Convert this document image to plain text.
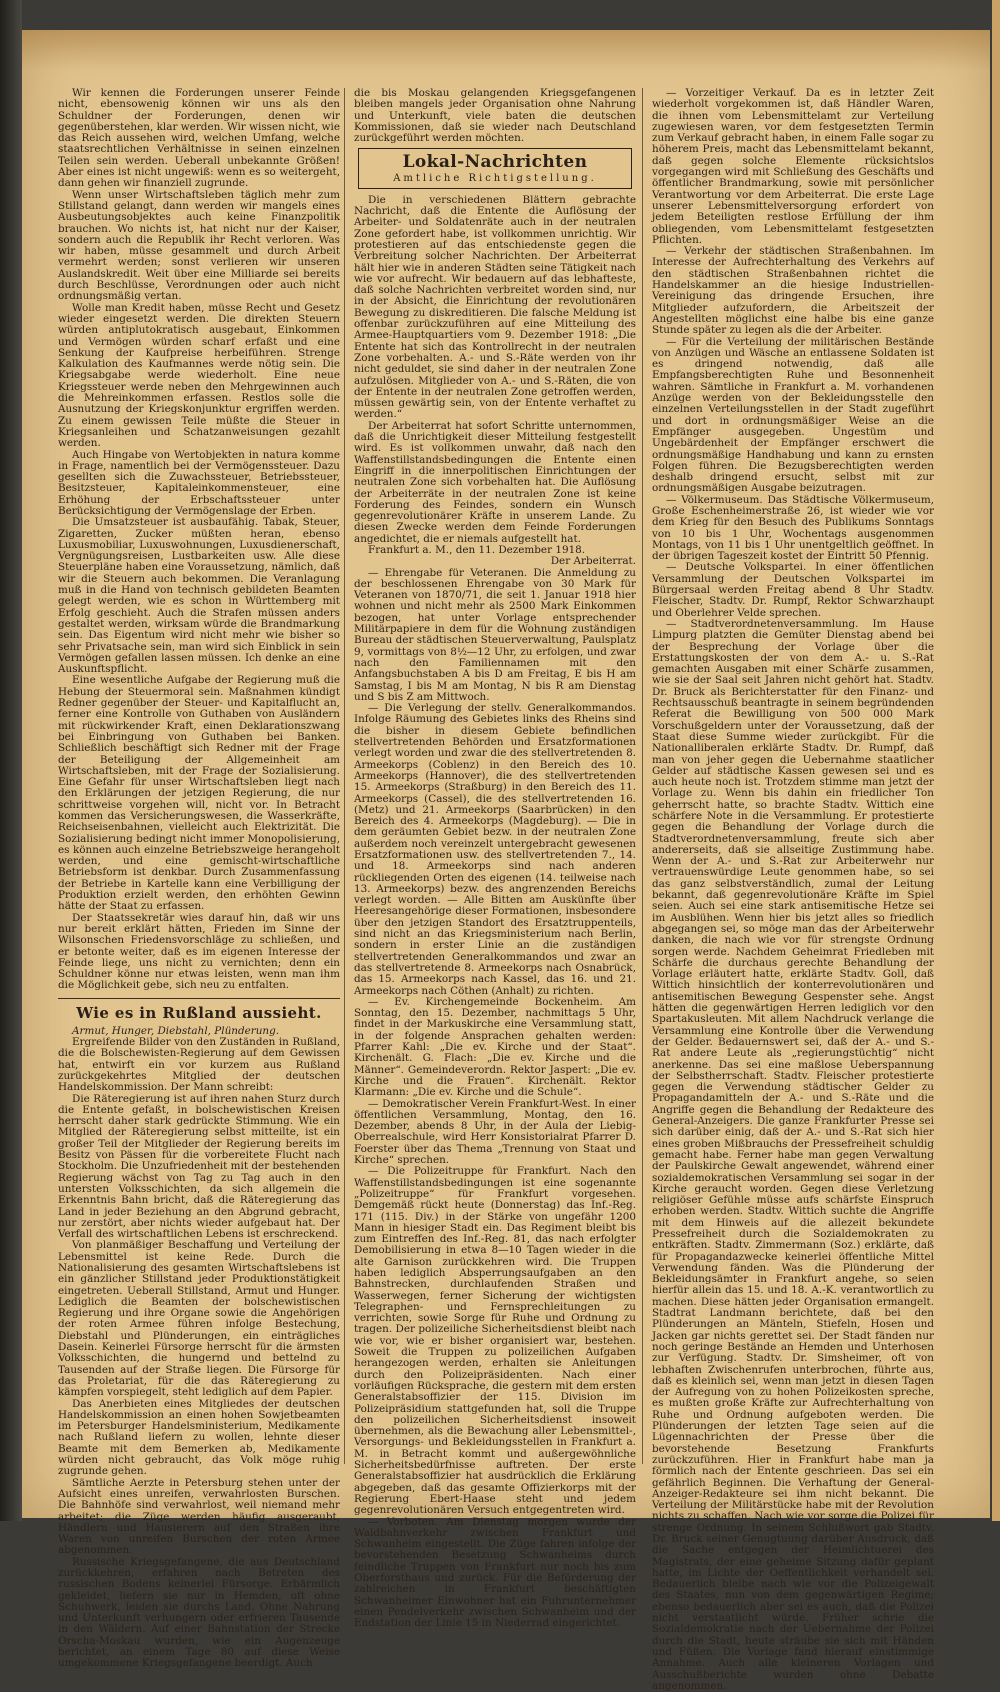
Wir kennen die Forderungen unserer Feinde nicht, ebensowenig können wir uns als den Schuldner der Forderungen, denen wir gegenüberstehen, klar werden. Wir wissen nicht, wie das Reich aussehen wird, welchen Umfang, welche staatsrechtlichen Verhältnisse in seinen einzelnen Teilen sein werden. Ueberall unbekannte Größen! Aber eines ist nicht ungewiß: wenn es so weitergeht, dann gehen wir finanziell zugrunde.

Wenn unser Wirtschaftsleben täglich mehr zum Stillstand gelangt, dann werden wir mangels eines Ausbeutungsobjektes auch keine Finanzpolitik brauchen. Wo nichts ist, hat nicht nur der Kaiser, sondern auch die Republik ihr Recht verloren. Was wir haben, müsse gesammelt und durch Arbeit vermehrt werden; sonst verlieren wir unseren Auslandskredit. Weit über eine Milliarde sei bereits durch Beschlüsse, Verordnungen oder auch nicht ordnungsmäßig vertan.

Wolle man Kredit haben, müsse Recht und Gesetz wieder eingesetzt werden. Die direkten Steuern würden antiplutokratisch ausgebaut, Einkommen und Vermögen würden scharf erfaßt und eine Senkung der Kaufpreise herbeiführen. Strenge Kalkulation des Kaufmannes werde nötig sein. Die Kriegsabgabe werde wiederholt. Eine neue Kriegssteuer werde neben den Mehrgewinnen auch die Mehreinkommen erfassen. Restlos solle die Ausnutzung der Kriegskonjunktur ergriffen werden. Zu einem gewissen Teile müßte die Steuer in Kriegsanleihen und Schatzanweisungen gezahlt werden.

Auch Hingabe von Wertobjekten in natura komme in Frage, namentlich bei der Vermögenssteuer. Dazu gesellten sich die Zuwachssteuer, Betriebssteuer, Besitzsteuer, Kapitaleinkommensteuer, eine Erhöhung der Erbschaftssteuer unter Berücksichtigung der Vermögenslage der Erben.

Die Umsatzsteuer ist ausbaufähig. Tabak, Steuer, Zigaretten, Zucker müßten heran, ebenso Luxusmobiliar, Luxuswohnungen, Luxusdienerschaft, Vergnügungsreisen, Lustbarkeiten usw. Alle diese Steuerpläne haben eine Voraussetzung, nämlich, daß wir die Steuern auch bekommen. Die Veranlagung muß in die Hand von technisch gebildeten Beamten gelegt werden, wie es schon in Württemberg mit Erfolg geschieht. Auch die Strafen müssen anders gestaltet werden, wirksam würde die Brandmarkung sein. Das Eigentum wird nicht mehr wie bisher so sehr Privatsache sein, man wird sich Einblick in sein Vermögen gefallen lassen müssen. Ich denke an eine Auskunftspflicht.

Eine wesentliche Aufgabe der Regierung muß die Hebung der Steuermoral sein. Maßnahmen kündigt Redner gegenüber der Steuer- und Kapitalflucht an, ferner eine Kontrolle von Guthaben von Ausländern mit rückwirkender Kraft, einen Deklarationszwang bei Einbringung von Guthaben bei Banken. Schließlich beschäftigt sich Redner mit der Frage der Beteiligung der Allgemeinheit am Wirtschaftsleben, mit der Frage der Sozialisierung. Eine Gefahr für unser Wirtschaftsleben liegt nach den Erklärungen der jetzigen Regierung, die nur schrittweise vorgehen will, nicht vor. In Betracht kommen das Versicherungswesen, die Wasserkräfte, Reichseisenbahnen, vielleicht auch Elektrizität. Die Sozialisierung bedingt nicht immer Monopolisierung, es können auch einzelne Betriebszweige herangeholt werden, und eine gemischt-wirtschaftliche Betriebsform ist denkbar. Durch Zusammenfassung der Betriebe in Kartelle kann eine Verbilligung der Produktion erzielt werden, den erhöhten Gewinn hätte der Staat zu erfassen.

Der Staatssekretär wies darauf hin, daß wir uns nur bereit erklärt hätten, Frieden im Sinne der Wilsonschen Friedensvorschläge zu schließen, und er betonte weiter, daß es im eigenen Interesse der Feinde liege, uns nicht zu vernichten; denn ein Schuldner könne nur etwas leisten, wenn man ihm die Möglichkeit gebe, sich neu zu entfalten.

Wie es in Rußland aussieht.

Armut, Hunger, Diebstahl, Plünderung.

Ergreifende Bilder von den Zuständen in Rußland, die die Bolschewisten-Regierung auf dem Gewissen hat, entwirft ein vor kurzem aus Rußland zurückgekehrtes Mitglied der deutschen Handelskommission. Der Mann schreibt:

Die Räteregierung ist auf ihren nahen Sturz durch die Entente gefaßt, in bolschewistischen Kreisen herrscht daher stark gedrückte Stimmung. Wie ein Mitglied der Räteregierung selbst mitteilte, ist ein großer Teil der Mitglieder der Regierung bereits im Besitz von Pässen für die vorbereitete Flucht nach Stockholm. Die Unzufriedenheit mit der bestehenden Regierung wächst von Tag zu Tag auch in den untersten Volksschichten, da sich allgemein die Erkenntnis Bahn bricht, daß die Räteregierung das Land in jeder Beziehung an den Abgrund gebracht, nur zerstört, aber nichts wieder aufgebaut hat. Der Verfall des wirtschaftlichen Lebens ist erschreckend.

Von planmäßiger Beschaffung und Verteilung der Lebensmittel ist keine Rede. Durch die Nationalisierung des gesamten Wirtschaftslebens ist ein gänzlicher Stillstand jeder Produktionstätigkeit eingetreten. Ueberall Stillstand, Armut und Hunger. Lediglich die Beamten der bolschewistischen Regierung und ihre Organe sowie die Angehörigen der roten Armee führen infolge Bestechung, Diebstahl und Plünderungen, ein einträgliches Dasein. Keinerlei Fürsorge herrscht für die ärmsten Volksschichten, die hungernd und bettelnd zu Tausenden auf der Straße liegen. Die Fürsorge für das Proletariat, für die das Räteregierung zu kämpfen vorspiegelt, steht lediglich auf dem Papier.

Das Anerbieten eines Mitgliedes der deutschen Handelskommission an einen hohen Sowjetbeamten im Petersburger Handelsministerium, Medikamente nach Rußland liefern zu wollen, lehnte dieser Beamte mit dem Bemerken ab, Medikamente würden nicht gebraucht, das Volk möge ruhig zugrunde gehen.

Sämtliche Aerzte in Petersburg stehen unter der Aufsicht eines unreifen, verwahrlosten Burschen. Die Bahnhöfe sind verwahrlost, weil niemand mehr arbeitet; die Züge werden häufig ausgeraubt, Händlern und Hausierern auf den Straßen ihre Waren von unreifen Burschen der roten Armee abgenommen.

Russische Kriegsgefangene, die aus Deutschland zurückkehren, erfahren nach Betreten des russischen Bodens keinerlei Fürsorge. Erbärmlich gekleidet, liefern sie nur in Hemden, oft ohne Schuhwerk, leiden sie durchs Land. Ohne Nahrung und Unterkunft verhungern oder erfrieren Tausende in den Wäldern. Auf einer Bahnstation der Strecke Orscha-Moskau wurden, wie ein Augenzeuge berichtet, an einem Tage 80 auf diese Weise umgekommene Kriegsgefangene beerdigt. Auch

die bis Moskau gelangenden Kriegsgefangenen bleiben mangels jeder Organisation ohne Nahrung und Unterkunft, viele baten die deutschen Kommissionen, daß sie wieder nach Deutschland zurückgeführt werden möchten.

Lokal-Nachrichten
Amtliche Richtigstellung.

Die in verschiedenen Blättern gebrachte Nachricht, daß die Entente die Auflösung der Arbeiter- und Soldatenräte auch in der neutralen Zone gefordert habe, ist vollkommen unrichtig. Wir protestieren auf das entschiedenste gegen die Verbreitung solcher Nachrichten. Der Arbeiterrat hält hier wie in anderen Städten seine Tätigkeit nach wie vor aufrecht. Wir bedauern auf das lebhafteste, daß solche Nachrichten verbreitet worden sind, nur in der Absicht, die Einrichtung der revolutionären Bewegung zu diskreditieren. Die falsche Meldung ist offenbar zurückzuführen auf eine Mitteilung des Armee-Hauptquartiers vom 9. Dezember 1918: „Die Entente hat sich das Kontrollrecht in der neutralen Zone vorbehalten. A.- und S.-Räte werden von ihr nicht geduldet, sie sind daher in der neutralen Zone aufzulösen. Mitglieder von A.- und S.-Räten, die von der Entente in der neutralen Zone getroffen werden, müssen gewärtig sein, von der Entente verhaftet zu werden.“

Der Arbeiterrat hat sofort Schritte unternommen, daß die Unrichtigkeit dieser Mitteilung festgestellt wird. Es ist vollkommen unwahr, daß nach den Waffenstillstandsbedingungen die Entente einen Eingriff in die innerpolitischen Einrichtungen der neutralen Zone sich vorbehalten hat. Die Auflösung der Arbeiterräte in der neutralen Zone ist keine Forderung des Feindes, sondern ein Wunsch gegenrevolutionärer Kräfte in unserem Lande. Zu diesen Zwecke werden dem Feinde Forderungen angedichtet, die er niemals aufgestellt hat.

Frankfurt a. M., den 11. Dezember 1918.

Der Arbeiterrat.

— Ehrengabe für Veteranen. Die Anmeldung zu der beschlossenen Ehrengabe von 30 Mark für Veteranen von 1870/71, die seit 1. Januar 1918 hier wohnen und nicht mehr als 2500 Mark Einkommen bezogen, hat unter Vorlage entsprechender Militärpapiere in dem für die Wohnung zuständigen Bureau der städtischen Steuerverwaltung, Paulsplatz 9, vormittags von 8½—12 Uhr, zu erfolgen, und zwar nach den Familiennamen mit den Anfangsbuchstaben A bis D am Freitag, E bis H am Samstag, I bis M am Montag, N bis R am Dienstag und S bis Z am Mittwoch.

— Die Verlegung der stellv. Generalkommandos. Infolge Räumung des Gebietes links des Rheins sind die bisher in diesem Gebiete befindlichen stellvertretenden Behörden und Ersatzformationen verlegt worden und zwar die des stellvertretenden 8. Armeekorps (Coblenz) in den Bereich des 10. Armeekorps (Hannover), die des stellvertretenden 15. Armeekorps (Straßburg) in den Bereich des 11. Armeekorps (Cassel), die des stellvertretenden 16. (Metz) und 21. Armeekorps (Saarbrücken) in den Bereich des 4. Armeekorps (Magdeburg). — Die in dem geräumten Gebiet bezw. in der neutralen Zone außerdem noch vereinzelt untergebracht gewesenen Ersatzformationen usw. des stellvertretenden 7., 14. und 18. Armeekorps sind nach anderen rückliegenden Orten des eigenen (14. teilweise nach 13. Armeekorps) bezw. des angrenzenden Bereichs verlegt worden. — Alle Bitten am Auskünfte über Heeresangehörige dieser Formationen, insbesondere über den jetzigen Standort des Ersatztruppenteils, sind nicht an das Kriegsministerium nach Berlin, sondern in erster Linie an die zuständigen stellvertretenden Generalkommandos und zwar an das stellvertretende 8. Armeekorps nach Osnabrück, das 15. Armeekorps nach Kassel, das 16. und 21. Armeekorps nach Cöthen (Anhalt) zu richten.

— Ev. Kirchengemeinde Bockenheim. Am Sonntag, den 15. Dezember, nachmittags 5 Uhr, findet in der Markuskirche eine Versammlung statt, in der folgende Ansprachen gehalten werden: Pfarrer Kahl: „Die ev. Kirche und der Staat“. Kirchenält. G. Flach: „Die ev. Kirche und die Männer“. Gemeindeverordn. Rektor Jaspert: „Die ev. Kirche und die Frauen“. Kirchenält. Rektor Klarmann: „Die ev. Kirche und die Schule“.

— Demokratischer Verein Frankfurt-West. In einer öffentlichen Versammlung, Montag, den 16. Dezember, abends 8 Uhr, in der Aula der Liebig-Oberrealschule, wird Herr Konsistorialrat Pfarrer D. Foerster über das Thema „Trennung von Staat und Kirche“ sprechen.

— Die Polizeitruppe für Frankfurt. Nach den Waffenstillstandsbedingungen ist eine sogenannte „Polizeitruppe“ für Frankfurt vorgesehen. Demgemäß rückt heute (Donnerstag) das Inf.-Reg. 171 (115. Div.) in der Stärke von ungefähr 1200 Mann in hiesiger Stadt ein. Das Regiment bleibt bis zum Eintreffen des Inf.-Reg. 81, das nach erfolgter Demobilisierung in etwa 8—10 Tagen wieder in die alte Garnison zurückkehren wird. Die Truppen haben lediglich Absperrungsaufgaben an den Bahnstrecken, durchlaufenden Straßen und Wasserwegen, ferner Sicherung der wichtigsten Telegraphen- und Fernsprechleitungen zu verrichten, sowie Sorge für Ruhe und Ordnung zu tragen. Der polizeiliche Sicherheitsdienst bleibt nach wie vor, wie er bisher organisiert war, bestehen. Soweit die Truppen zu polizeilichen Aufgaben herangezogen werden, erhalten sie Anleitungen durch den Polizeipräsidenten. Nach einer vorläufigen Rücksprache, die gestern mit dem ersten Generalstabsoffizier der 115. Division im Polizeipräsidium stattgefunden hat, soll die Truppe den polizeilichen Sicherheitsdienst insoweit übernehmen, als die Bewachung aller Lebensmittel-, Versorgungs- und Bekleidungsstellen in Frankfurt a. M. in Betracht kommt und außergewöhnliche Sicherheitsbedürfnisse auftreten. Der erste Generalstabsoffizier hat ausdrücklich die Erklärung abgegeben, daß das gesamte Offizierkorps mit der Regierung Ebert-Haase steht und jedem gegenrevolutionären Versuch entgegentreten wird.

— Vorboten. Am Dienstag morgen wurde der Waldbahnverkehr zwischen Frankfurt und Schwanheim eingestellt. Die Züge fahren infolge der bevorstehenden Besetzung Schwanheims durch feindliche Truppen von Frankfurt nur noch bis zum Oberforsthaus und zurück. Für die Beförderung der zahlreichen in Frankfurt beschäftigten Schwanheimer Einwohner hat ein Fuhrunternehmer einen Pendelverkehr zwischen Schwanheim und der Endstation der Linie 15 in Niederrad eingerichtet.

— Vorzeitiger Verkauf. Da es in letzter Zeit wiederholt vorgekommen ist, daß Händler Waren, die ihnen vom Lebensmittelamt zur Verteilung zugewiesen waren, vor dem festgesetzten Termin zum Verkauf gebracht haben, in einem Falle sogar zu höherem Preis, macht das Lebensmittelamt bekannt, daß gegen solche Elemente rücksichtslos vorgegangen wird mit Schließung des Geschäfts und öffentlicher Brandmarkung, sowie mit persönlicher Verantwortung vor dem Arbeiterrat. Die erste Lage unserer Lebensmittelversorgung erfordert von jedem Beteiligten restlose Erfüllung der ihm obliegenden, vom Lebensmittelamt festgesetzten Pflichten.

— Verkehr der städtischen Straßenbahnen. Im Interesse der Aufrechterhaltung des Verkehrs auf den städtischen Straßenbahnen richtet die Handelskammer an die hiesige Industriellen-Vereinigung das dringende Ersuchen, ihre Mitglieder aufzufordern, die Arbeitszeit der Angestellten möglichst eine halbe bis eine ganze Stunde später zu legen als die der Arbeiter.

— Für die Verteilung der militärischen Bestände von Anzügen und Wäsche an entlassene Soldaten ist es dringend notwendig, daß alle Empfangsberechtigten Ruhe und Besonnenheit wahren. Sämtliche in Frankfurt a. M. vorhandenen Anzüge werden von der Bekleidungsstelle den einzelnen Verteilungsstellen in der Stadt zugeführt und dort in ordnungsmäßiger Weise an die Empfänger ausgegeben. Ungestüm und Ungebärdenheit der Empfänger erschwert die ordnungsmäßige Handhabung und kann zu ernsten Folgen führen. Die Bezugsberechtigten werden deshalb dringend ersucht, selbst mit zur ordnungsmäßigen Ausgabe beizutragen.

— Völkermuseum. Das Städtische Völkermuseum, Große Eschenheimerstraße 26, ist wieder wie vor dem Krieg für den Besuch des Publikums Sonntags von 10 bis 1 Uhr, Wochentags ausgenommen Montags, von 11 bis 1 Uhr unentgeltlich geöffnet. In der übrigen Tageszeit kostet der Eintritt 50 Pfennig.

— Deutsche Volkspartei. In einer öffentlichen Versammlung der Deutschen Volkspartei im Bürgersaal werden Freitag abend 8 Uhr Stadtv. Fleischer, Stadtv. Dr. Rumpf, Rektor Schwarzhaupt und Oberlehrer Velde sprechen.

— Stadtverordnetenversammlung. Im Hause Limpurg platzten die Gemüter Dienstag abend bei der Besprechung der Vorlage über die Erstattungskosten der von dem A.- u. S.-Rat gemachten Ausgaben mit einer Schärfe zusammen, wie sie der Saal seit Jahren nicht gehört hat. Stadtv. Dr. Bruck als Berichterstatter für den Finanz- und Rechtsausschuß beantragte in seinem begründenden Referat die Bewilligung von 500 000 Mark Vorschußgeldern unter der Voraussetzung, daß der Staat diese Summe wieder zurückgibt. Für die Nationalliberalen erklärte Stadtv. Dr. Rumpf, daß man von jeher gegen die Uebernahme staatlicher Gelder auf städtische Kassen gewesen sei und es auch heute noch ist. Trotzdem stimme man jetzt der Vorlage zu. Wenn bis dahin ein friedlicher Ton geherrscht hatte, so brachte Stadtv. Wittich eine schärfere Note in die Versammlung. Er protestierte gegen die Behandlung der Vorlage durch die Stadtverordnetenversammlung, freute sich aber andererseits, daß sie allseitige Zustimmung habe. Wenn der A.- und S.-Rat zur Arbeiterwehr nur vertrauenswürdige Leute genommen habe, so sei das ganz selbstverständlich, zumal der Leitung bekannt, daß gegenrevolutionäre Kräfte im Spiel seien. Auch sei eine stark antisemitische Hetze sei im Ausblühen. Wenn hier bis jetzt alles so friedlich abgegangen sei, so möge man das der Arbeiterwehr danken, die nach wie vor für strengste Ordnung sorgen werde. Nachdem Geheimrat Friedleben mit Schärfe die durchaus gerechte Behandlung der Vorlage erläutert hatte, erklärte Stadtv. Goll, daß Wittich hinsichtlich der konterrevolutionären und antisemitischen Bewegung Gespenster sehe. Angst hätten die gegenwärtigen Herren lediglich vor den Spartakusleuten. Mit allem Nachdruck verlange die Versammlung eine Kontrolle über die Verwendung der Gelder. Bedauernswert sei, daß der A.- und S.-Rat andere Leute als „regierungstüchtig“ nicht anerkenne. Das sei eine maßlose Ueberspannung der Selbstherrschaft. Stadtv. Fleischer protestierte gegen die Verwendung städtischer Gelder zu Propagandamitteln der A.- und S.-Räte und die Angriffe gegen die Behandlung der Redakteure des General-Anzeigers. Die ganze Frankfurter Presse sei sich darüber einig, daß der A.- und S.-Rat sich hier eines groben Mißbrauchs der Pressefreiheit schuldig gemacht habe. Ferner habe man gegen Verwaltung der Paulskirche Gewalt angewendet, während einer sozialdemokratischen Versammlung sei sogar in der Kirche geraucht worden. Gegen diese Verletzung religiöser Gefühle müsse aufs schärfste Einspruch erhoben werden. Stadtv. Wittich suchte die Angriffe mit dem Hinweis auf die allezeit bekundete Pressefreiheit durch die Sozialdemokraten zu entkräften. Stadtv. Zimmermann (Soz.) erklärte, daß für Propagandazwecke keinerlei öffentliche Mittel Verwendung fänden. Was die Plünderung der Bekleidungsämter in Frankfurt angehe, so seien hierfür allein das 15. und 18. A.-K. verantwortlich zu machen. Diese hätten jeder Organisation ermangelt. Stadtrat Landmann berichtete, daß bei den Plünderungen an Mänteln, Stiefeln, Hosen und Jacken gar nichts gerettet sei. Der Stadt fänden nur noch geringe Bestände an Hemden und Unterhosen zur Verfügung. Stadtv. Dr. Simsheimer, oft von lebhaften Zwischenrufen unterbrochen, führte aus, daß es kleinlich sei, wenn man jetzt in diesen Tagen der Aufregung von zu hohen Polizeikosten spreche, es mußten große Kräfte zur Aufrechterhaltung von Ruhe und Ordnung aufgeboten werden. Die Plünderungen der letzten Tage seien auf die Lügennachrichten der Presse über die bevorstehende Besetzung Frankfurts zurückzuführen. Hier in Frankfurt habe man ja förmlich nach der Entente geschrieen. Das sei ein gefährlich Beginnen. Die Verhaftung der General-Anzeiger-Redakteure sei ihm nicht bekannt. Die Verteilung der Militärstücke habe mit der Revolution nichts zu schaffen. Nach wie vor sorge die Polizei für strenge Ordnung. In seinem Schlußwort gab Stadtv. Dr. Bruck seiner Genugtuung darüber Ausdruck, daß die Sache entgegen der Heimlichtuerei des Magistrats, der eine geheime Sitzung dafür geplant hatte, im Lichte der Oeffentlichkeit verhandelt sei. Bedauerlich bleibe nach wie vor die Polizeigewalt des Staates, nun von dem gegenwärtigen Regime; ebenso bedauerlich aber sei es auch, daß die Polizei nicht verstaatlicht würde. Früher schrie die Sozialdemokratie nach der Uebernahme der Polizei durch die Stadt, heute sträube sie sich mit Händen und Füßen. Die Vorlage fand hierauf einstimmige Annahme. Auch alle kleineren Vorlagen und Ausschußberichte wurden ohne Debatte angenommen.
